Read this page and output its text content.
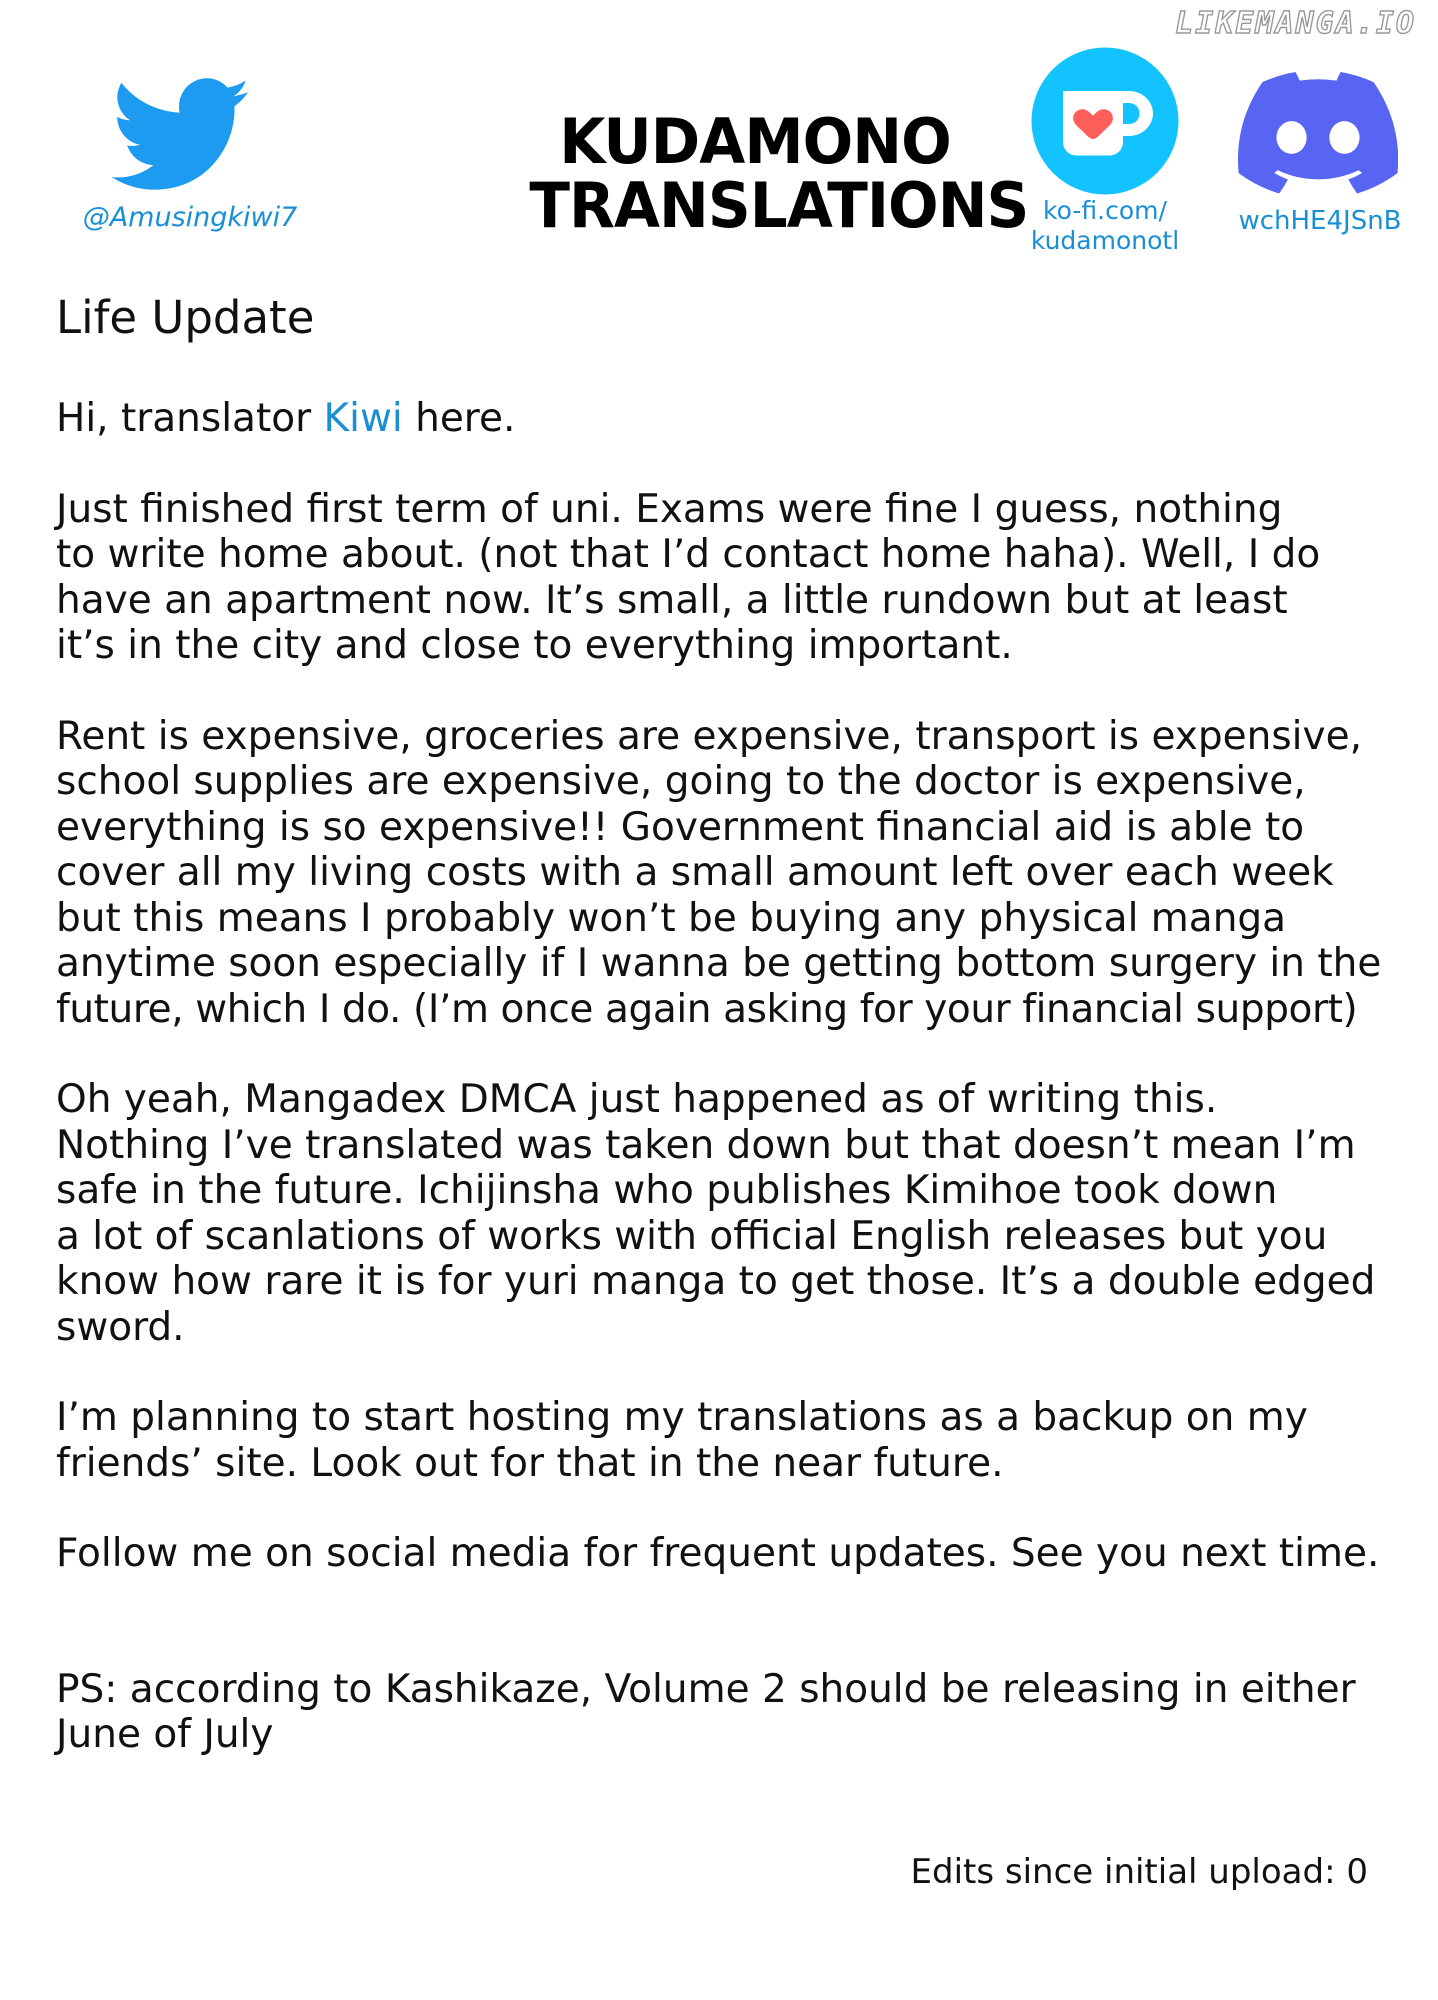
LIKEMANGA.IO
@Amusingkiwi7
KUDAMONO
TRANSLATIONS ko-fi.com/
kudamonotl
wchHE4JSnB
Life Update
Hi, translator Kiwi here.
Just finished first term of uni. Exams were fine I guess, nothing
to write home about. (not that I’d contact home haha). Well, I do
have an apartment now. It’s small, a little rundown but at least
it’s in the city and close to everything important.
Rent is expensive, groceries are expensive, transport is expensive,
school supplies are expensive, going to the doctor is expensive,
everything is so expensive!! Government financial aid is able to
cover all my living costs with a small amount left over each week
but this means I probably won’t be buying any physical manga
anytime soon especially if I wanna be getting bottom surgery in the
future, which I do. (I’m once again asking for your financial support)
Oh yeah, Mangadex DMCA just happened as of writing this.
Nothing I’ve translated was taken down but that doesn’t mean I’m
safe in the future. Ichijinsha who publishes Kimihoe took down
a lot of scanlations of works with official English releases but you
know how rare it is for yuri manga to get those. It’s a double edged
sword.
I’m planning to start hosting my translations as a backup on my
friends’ site. Look out for that in the near future.
Follow me on social media for frequent updates. See you next time.
PS: according to Kashikaze, Volume 2 should be releasing in either
June of July
Edits since initial upload: 0
